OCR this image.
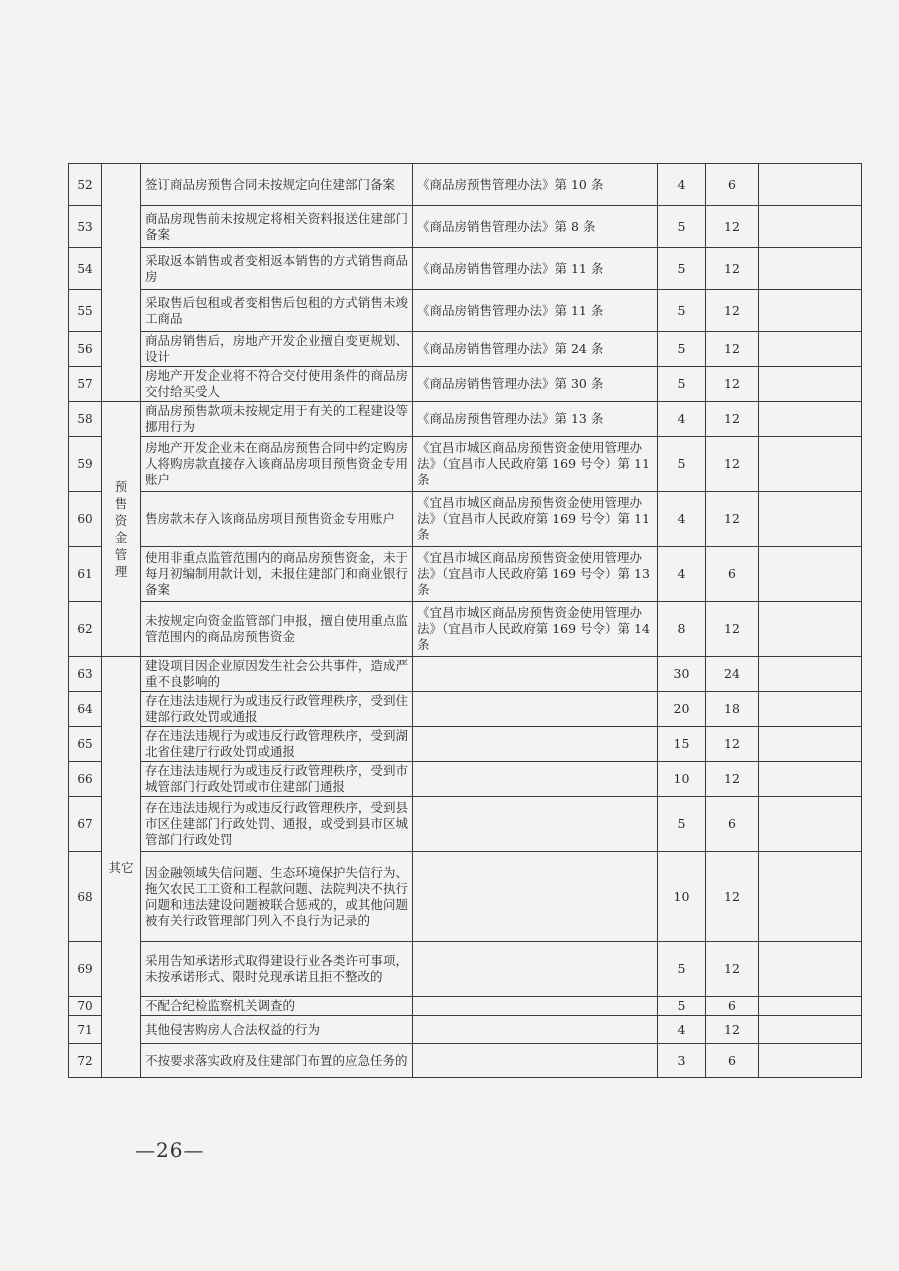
52		签订商品房预售合同未按规定向住建部门备案	《商品房预售管理办法》第 10 条	4	6	
53		商品房现售前未按规定将相关资料报送住建部门备案	《商品房销售管理办法》第 8 条	5	12	
54		采取返本销售或者变相返本销售的方式销售商品房	《商品房销售管理办法》第 11 条	5	12	
55		采取售后包租或者变相售后包租的方式销售未竣工商品	《商品房销售管理办法》第 11 条	5	12	
56		商品房销售后，房地产开发企业擅自变更规划、设计	《商品房销售管理办法》第 24 条	5	12	
57		房地产开发企业将不符合交付使用条件的商品房交付给买受人	《商品房销售管理办法》第 30 条	5	12	
58	预售资金管理	商品房预售款项未按规定用于有关的工程建设等挪用行为	《商品房预售管理办法》第 13 条	4	12	
59		房地产开发企业未在商品房预售合同中约定购房人将购房款直接存入该商品房项目预售资金专用账户	《宜昌市城区商品房预售资金使用管理办法》（宜昌市人民政府第 169 号令）第 11 条	5	12	
60		售房款未存入该商品房项目预售资金专用账户	《宜昌市城区商品房预售资金使用管理办法》（宜昌市人民政府第 169 号令）第 11 条	4	12	
61		使用非重点监管范围内的商品房预售资金，未于每月初编制用款计划，未报住建部门和商业银行备案	《宜昌市城区商品房预售资金使用管理办法》（宜昌市人民政府第 169 号令）第 13 条	4	6	
62		未按规定向资金监管部门申报，擅自使用重点监管范围内的商品房预售资金	《宜昌市城区商品房预售资金使用管理办法》（宜昌市人民政府第 169 号令）第 14 条	8	12	
63	其它	建设项目因企业原因发生社会公共事件，造成严重不良影响的		30	24	
64		存在违法违规行为或违反行政管理秩序，受到住建部行政处罚或通报		20	18	
65		存在违法违规行为或违反行政管理秩序，受到湖北省住建厅行政处罚或通报		15	12	
66		存在违法违规行为或违反行政管理秩序，受到市城管部门行政处罚或市住建部门通报		10	12	
67		存在违法违规行为或违反行政管理秩序，受到县市区住建部门行政处罚、通报，或受到县市区城管部门行政处罚		5	6	
68		因金融领域失信问题、生态环境保护失信行为、拖欠农民工工资和工程款问题、法院判决不执行问题和违法建设问题被联合惩戒的，或其他问题被有关行政管理部门列入不良行为记录的		10	12	
69		采用告知承诺形式取得建设行业各类许可事项，未按承诺形式、限时兑现承诺且拒不整改的		5	12	
70		不配合纪检监察机关调查的		5	6	
71		其他侵害购房人合法权益的行为		4	12	
72		不按要求落实政府及住建部门布置的应急任务的		3	6	
—26—
